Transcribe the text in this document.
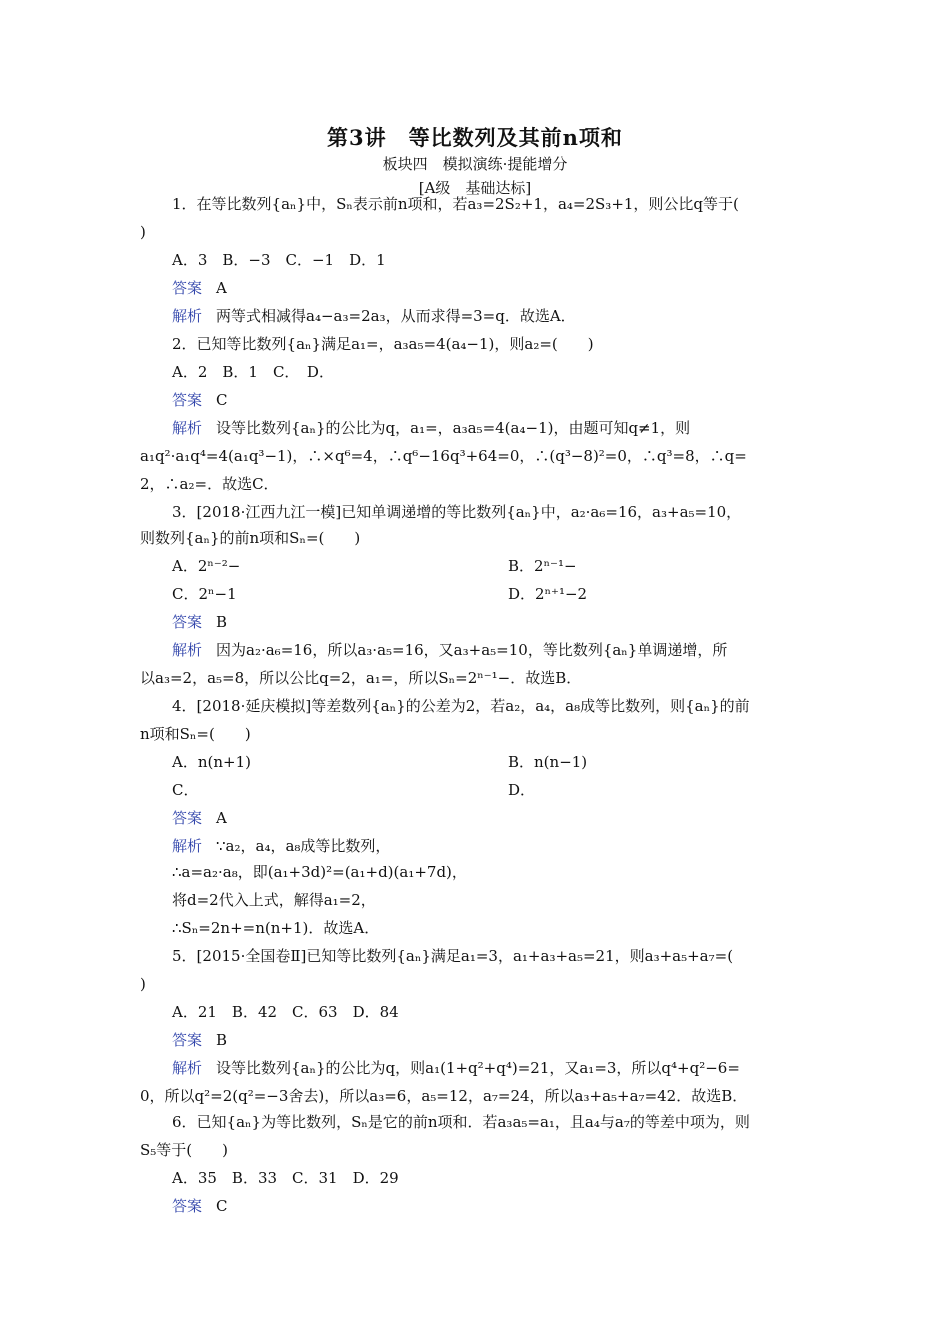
第3讲　等比数列及其前n项和
板块四　模拟演练·提能增分
[A级　基础达标]
1．在等比数列{aₙ}中，Sₙ表示前n项和，若a₃=2S₂+1，a₄=2S₃+1，则公比q等于(
)
A．3　B．−3　C．−1　D．1
答案 A
解析 两等式相减得a₄−a₃=2a₃，从而求得=3=q．故选A．
2．已知等比数列{aₙ}满足a₁=，a₃a₅=4(a₄−1)，则a₂=(　　)
A．2　B．1　C．　D．
答案 C
解析 设等比数列{aₙ}的公比为q，a₁=，a₃a₅=4(a₄−1)，由题可知q≠1，则
a₁q²·a₁q⁴=4(a₁q³−1)，∴×q⁶=4，∴q⁶−16q³+64=0，∴(q³−8)²=0，∴q³=8，∴q=
2，∴a₂=．故选C．
3．[2018·江西九江一模]已知单调递增的等比数列{aₙ}中，a₂·a₆=16，a₃+a₅=10，
则数列{aₙ}的前n项和Sₙ=(　　)
A．2ⁿ⁻²−	B．2ⁿ⁻¹−
C．2ⁿ−1	D．2ⁿ⁺¹−2
答案 B
解析 因为a₂·a₆=16，所以a₃·a₅=16，又a₃+a₅=10，等比数列{aₙ}单调递增，所
以a₃=2，a₅=8，所以公比q=2，a₁=，所以Sₙ=2ⁿ⁻¹−．故选B．
4．[2018·延庆模拟]等差数列{aₙ}的公差为2，若a₂，a₄，a₈成等比数列，则{aₙ}的前
n项和Sₙ=(　　)
A．n(n+1)	B．n(n−1)
C．	D．
答案 A
解析 ∵a₂，a₄，a₈成等比数列，
∴a=a₂·a₈，即(a₁+3d)²=(a₁+d)(a₁+7d)，
将d=2代入上式，解得a₁=2，
∴Sₙ=2n+=n(n+1)．故选A．
5．[2015·全国卷Ⅱ]已知等比数列{aₙ}满足a₁=3，a₁+a₃+a₅=21，则a₃+a₅+a₇=(
)
A．21　B．42　C．63　D．84
答案 B
解析 设等比数列{aₙ}的公比为q，则a₁(1+q²+q⁴)=21，又a₁=3，所以q⁴+q²−6=
0，所以q²=2(q²=−3舍去)，所以a₃=6，a₅=12，a₇=24，所以a₃+a₅+a₇=42．故选B．
6．已知{aₙ}为等比数列，Sₙ是它的前n项和．若a₃a₅=a₁，且a₄与a₇的等差中项为，则
S₅等于(　　)
A．35　B．33　C．31　D．29
答案 C
